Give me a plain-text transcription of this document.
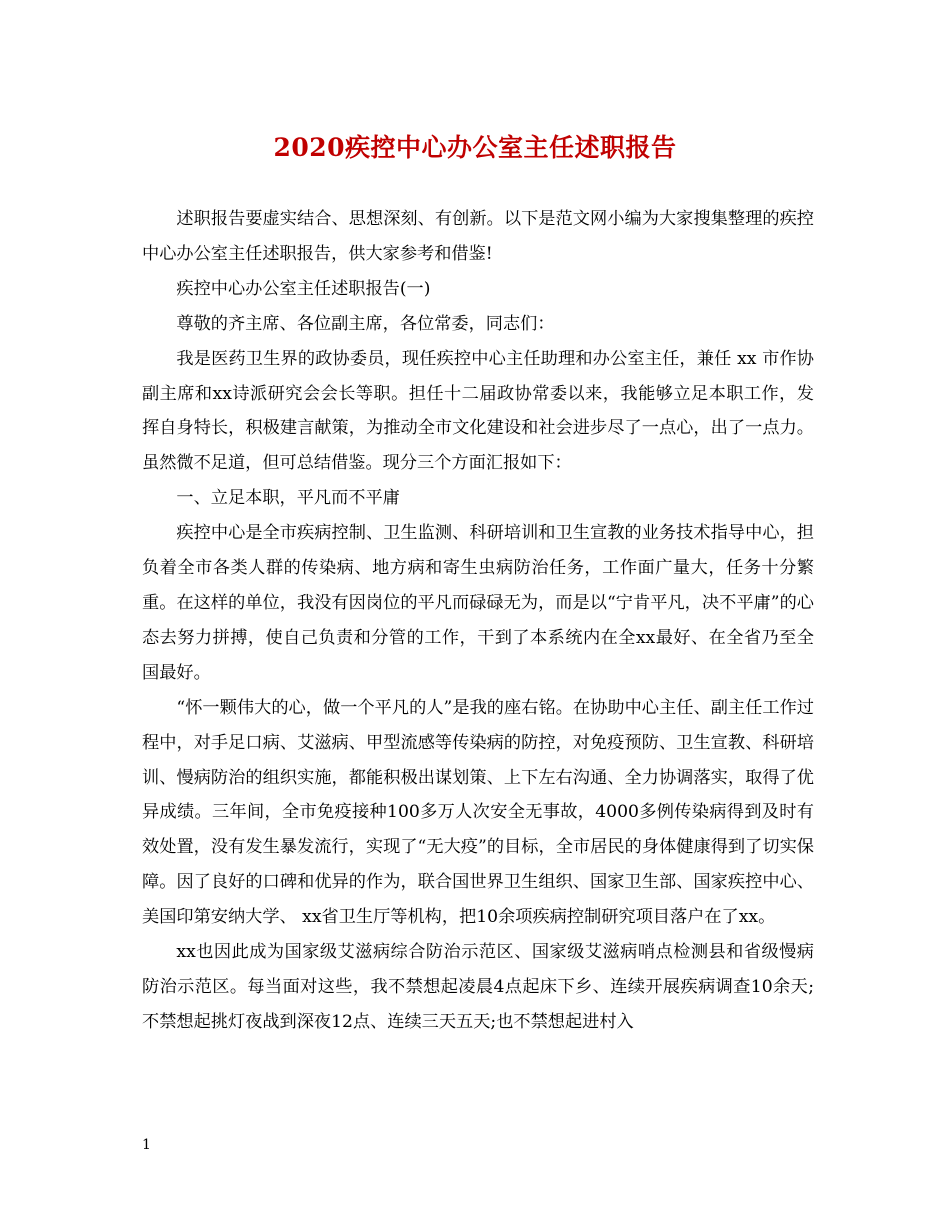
2020疾控中心办公室主任述职报告

述职报告要虚实结合、思想深刻、有创新。以下是范文网小编为大家搜集整理的疾控中心办公室主任述职报告，供大家参考和借鉴!

疾控中心办公室主任述职报告(一)

尊敬的齐主席、各位副主席，各位常委，同志们：

我是医药卫生界的政协委员，现任疾控中心主任助理和办公室主任，兼任 xx 市作协副主席和xx诗派研究会会长等职。担任十二届政协常委以来，我能够立足本职工作，发挥自身特长，积极建言献策，为推动全市文化建设和社会进步尽了一点心，出了一点力。虽然微不足道，但可总结借鉴。现分三个方面汇报如下：

一、立足本职，平凡而不平庸

疾控中心是全市疾病控制、卫生监测、科研培训和卫生宣教的业务技术指导中心，担负着全市各类人群的传染病、地方病和寄生虫病防治任务，工作面广量大，任务十分繁重。在这样的单位，我没有因岗位的平凡而碌碌无为，而是以“宁肯平凡，决不平庸”的心态去努力拼搏，使自己负责和分管的工作，干到了本系统内在全xx最好、在全省乃至全国最好。

“怀一颗伟大的心，做一个平凡的人”是我的座右铭。在协助中心主任、副主任工作过程中，对手足口病、艾滋病、甲型流感等传染病的防控，对免疫预防、卫生宣教、科研培训、慢病防治的组织实施，都能积极出谋划策、上下左右沟通、全力协调落实，取得了优异成绩。三年间，全市免疫接种100多万人次安全无事故，4000多例传染病得到及时有效处置，没有发生暴发流行，实现了“无大疫”的目标，全市居民的身体健康得到了切实保障。因了良好的口碑和优异的作为，联合国世界卫生组织、国家卫生部、国家疾控中心、美国印第安纳大学、 xx省卫生厅等机构，把10余项疾病控制研究项目落户在了xx。

xx也因此成为国家级艾滋病综合防治示范区、国家级艾滋病哨点检测县和省级慢病防治示范区。每当面对这些，我不禁想起凌晨4点起床下乡、连续开展疾病调查10余天;不禁想起挑灯夜战到深夜12点、连续三天五天;也不禁想起进村入

1
